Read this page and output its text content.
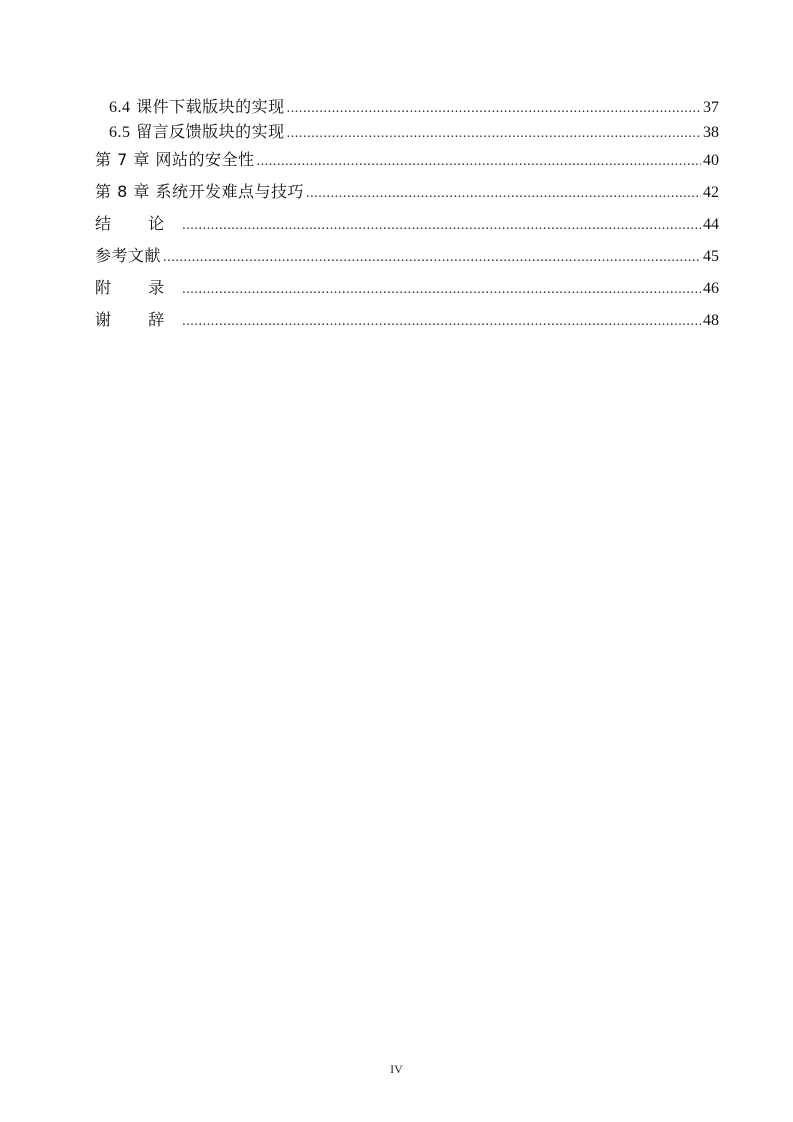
6.4 课件下载版块的实现 .....	37
6.5 留言反馈版块的实现 .....	38
第 7 章 网站的安全性 .....	40
第 8 章 系统开发难点与技巧 .....	42
结 论 .....	44
参考文献 .....	45
附 录 .....	46
谢 辞 .....	48
IV
